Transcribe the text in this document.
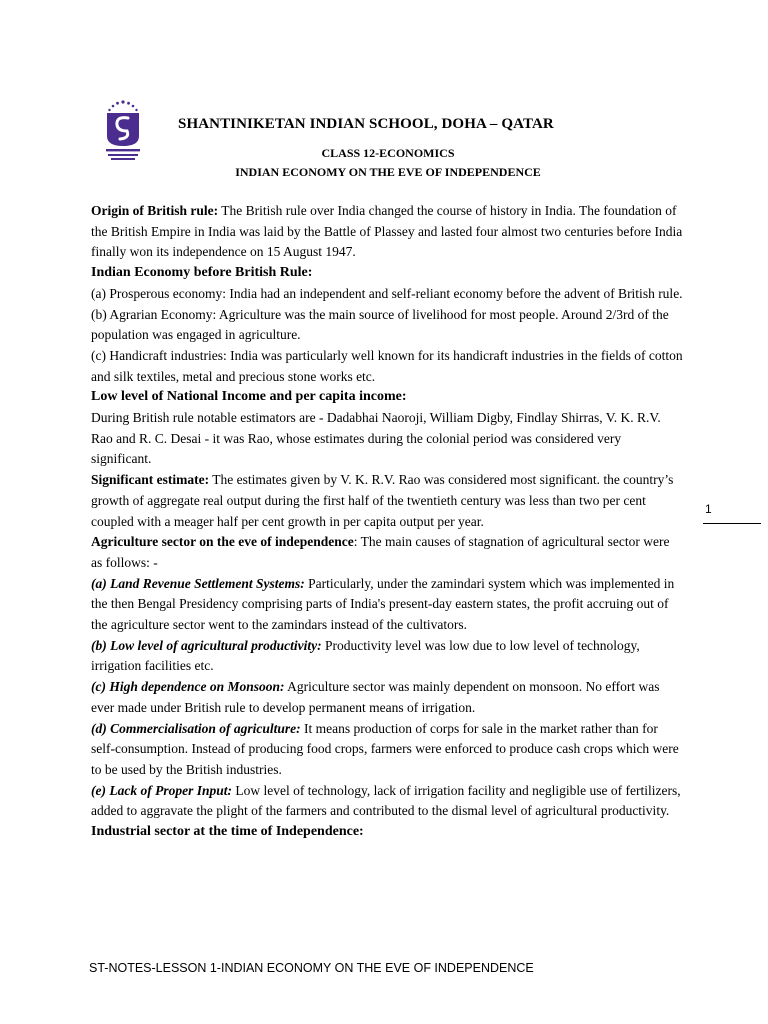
SHANTINIKETAN INDIAN SCHOOL, DOHA – QATAR
CLASS 12-ECONOMICS
INDIAN ECONOMY ON THE EVE OF INDEPENDENCE

Origin of British rule: The British rule over India changed the course of history in India. The foundation of the British Empire in India was laid by the Battle of Plassey and lasted four almost two centuries before India finally won its independence on 15 August 1947.

Indian Economy before British Rule:

(a) Prosperous economy: India had an independent and self-reliant economy before the advent of British rule.

(b) Agrarian Economy: Agriculture was the main source of livelihood for most people. Around 2/3rd of the population was engaged in agriculture.

(c) Handicraft industries: India was particularly well known for its handicraft industries in the fields of cotton and silk textiles, metal and precious stone works etc.

Low level of National Income and per capita income:

During British rule notable estimators are - Dadabhai Naoroji, William Digby, Findlay Shirras, V. K. R.V. Rao and R. C. Desai - it was Rao, whose estimates during the colonial period was considered very significant.

Significant estimate: The estimates given by V. K. R.V. Rao was considered most significant. the country’s growth of aggregate real output during the first half of the twentieth century was less than two per cent coupled with a meager half per cent growth in per capita output per year.

Agriculture sector on the eve of independence: The main causes of stagnation of agricultural sector were as follows: -

(a) Land Revenue Settlement Systems: Particularly, under the zamindari system which was implemented in the then Bengal Presidency comprising parts of India's present-day eastern states, the profit accruing out of the agriculture sector went to the zamindars instead of the cultivators.

(b) Low level of agricultural productivity: Productivity level was low due to low level of technology, irrigation facilities etc.

(c) High dependence on Monsoon: Agriculture sector was mainly dependent on monsoon. No effort was ever made under British rule to develop permanent means of irrigation.

(d) Commercialisation of agriculture: It means production of corps for sale in the market rather than for self-consumption. Instead of producing food crops, farmers were enforced to produce cash crops which were to be used by the British industries.

(e) Lack of Proper Input: Low level of technology, lack of irrigation facility and negligible use of fertilizers, added to aggravate the plight of the farmers and contributed to the dismal level of agricultural productivity.

Industrial sector at the time of Independence:

1
ST-NOTES-LESSON 1-INDIAN ECONOMY ON THE EVE OF INDEPENDENCE
